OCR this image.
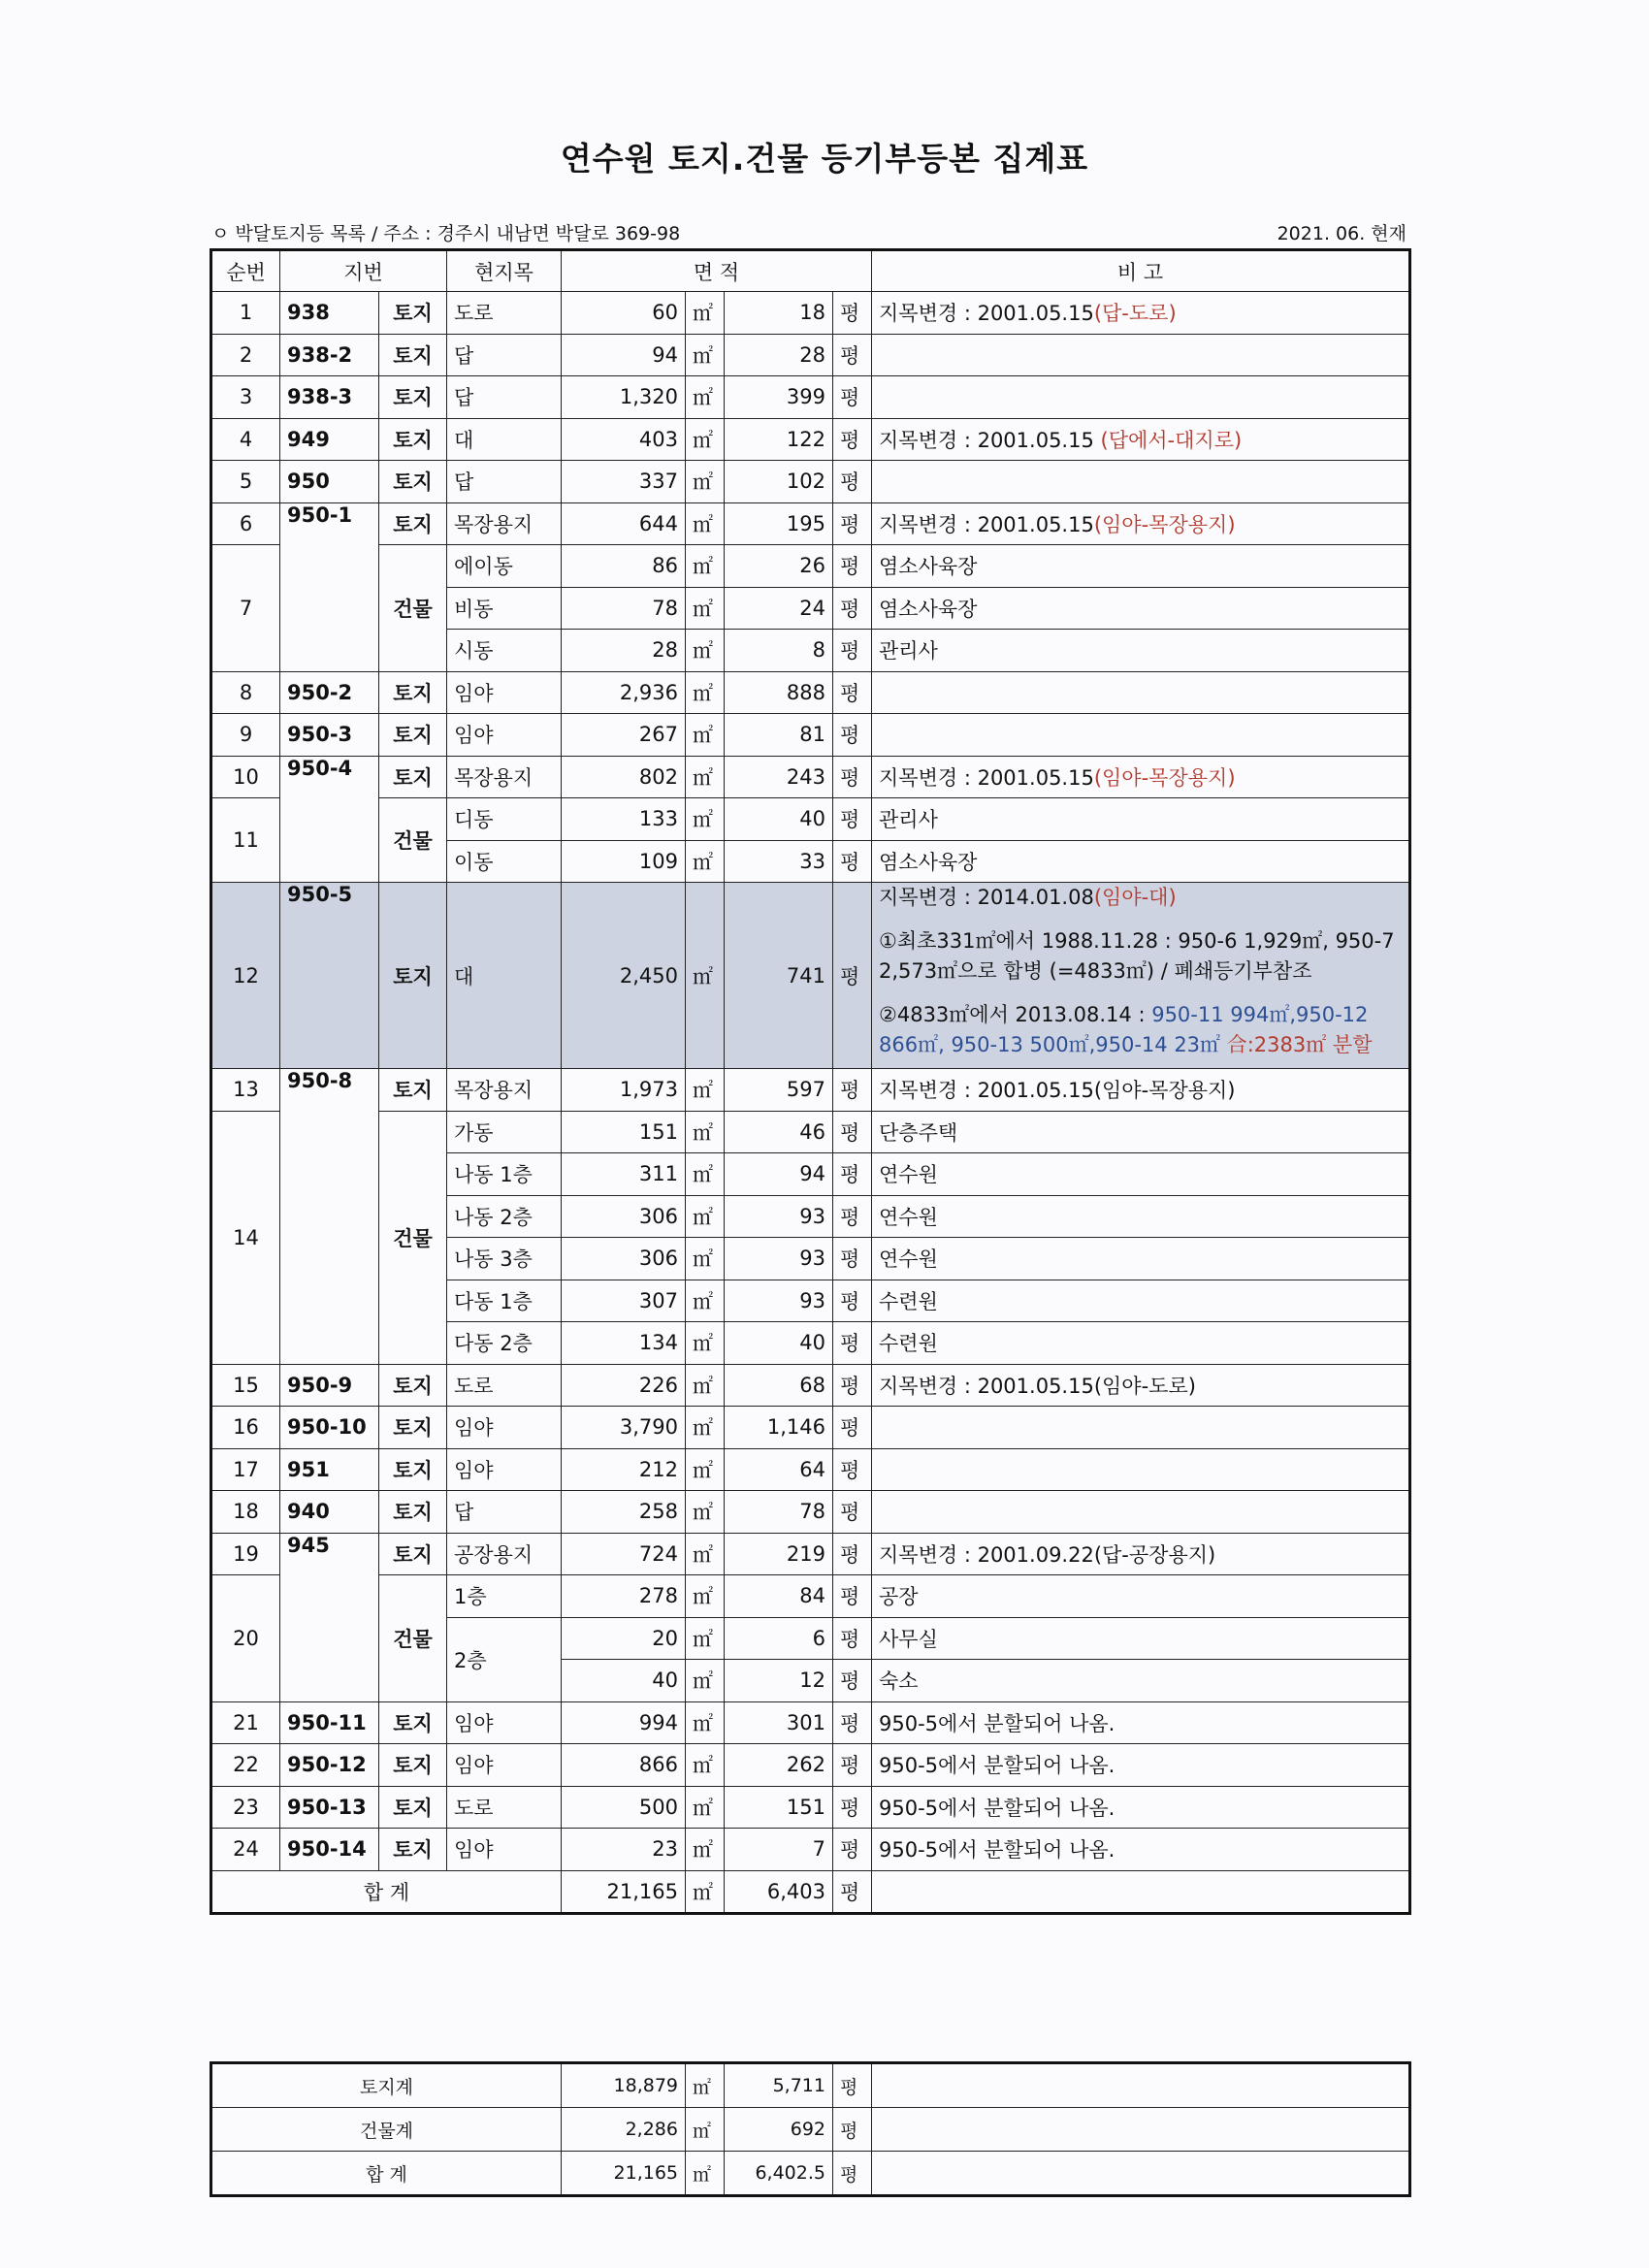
연수원 토지.건물 등기부등본 집계표
ㅇ 박달토지등 목록 / 주소 : 경주시 내남면 박달로 369-98	2021. 06. 현재
순번	지번		현지목	면 적				비 고
1	938	토지	도로	60	㎡	18	평	지목변경 : 2001.05.15(답-도로)
2	938-2	토지	답	94	㎡	28	평	
3	938-3	토지	답	1,320	㎡	399	평	
4	949	토지	대	403	㎡	122	평	지목변경 : 2001.05.15 (답에서-대지로)
5	950	토지	답	337	㎡	102	평	
6	950-1	토지	목장용지	644	㎡	195	평	지목변경 : 2001.05.15(임야-목장용지)
7		건물	에이동	86	㎡	26	평	염소사육장
			비동	78	㎡	24	평	염소사육장
			시동	28	㎡	8	평	관리사
8	950-2	토지	임야	2,936	㎡	888	평	
9	950-3	토지	임야	267	㎡	81	평	
10	950-4	토지	목장용지	802	㎡	243	평	지목변경 : 2001.05.15(임야-목장용지)
11		건물	디동	133	㎡	40	평	관리사
			이동	109	㎡	33	평	염소사육장
12	950-5	토지	대	2,450	㎡	741	평	지목변경 : 2014.01.08(임야-대)
①최초331㎡에서 1988.11.28 : 950-6 1,929㎡, 950-7
2,573㎡으로 합병 (=4833㎡) / 폐쇄등기부참조
②4833㎡에서 2013.08.14 : 950-11 994㎡,950-12
866㎡, 950-13 500㎡,950-14 23㎡ 合:2383㎡ 분할

13	950-8	토지	목장용지	1,973	㎡	597	평	지목변경 : 2001.05.15(임야-목장용지)
14		건물	가동	151	㎡	46	평	단층주택
			나동 1층	311	㎡	94	평	연수원
			나동 2층	306	㎡	93	평	연수원
			나동 3층	306	㎡	93	평	연수원
			다동 1층	307	㎡	93	평	수련원
			다동 2층	134	㎡	40	평	수련원
15	950-9	토지	도로	226	㎡	68	평	지목변경 : 2001.05.15(임야-도로)
16	950-10	토지	임야	3,790	㎡	1,146	평	
17	951	토지	임야	212	㎡	64	평	
18	940	토지	답	258	㎡	78	평	
19	945	토지	공장용지	724	㎡	219	평	지목변경 : 2001.09.22(답-공장용지)
20		건물	1층	278	㎡	84	평	공장
			2층	20	㎡	6	평	사무실
				40	㎡	12	평	숙소
21	950-11	토지	임야	994	㎡	301	평	950-5에서 분할되어 나옴.
22	950-12	토지	임야	866	㎡	262	평	950-5에서 분할되어 나옴.
23	950-13	토지	도로	500	㎡	151	평	950-5에서 분할되어 나옴.
24	950-14	토지	임야	23	㎡	7	평	950-5에서 분할되어 나옴.
합 계				21,165	㎡	6,403	평	
토지계	18,879	㎡	5,711	평	
건물계	2,286	㎡	692	평	
합 계	21,165	㎡	6,402.5	평	
